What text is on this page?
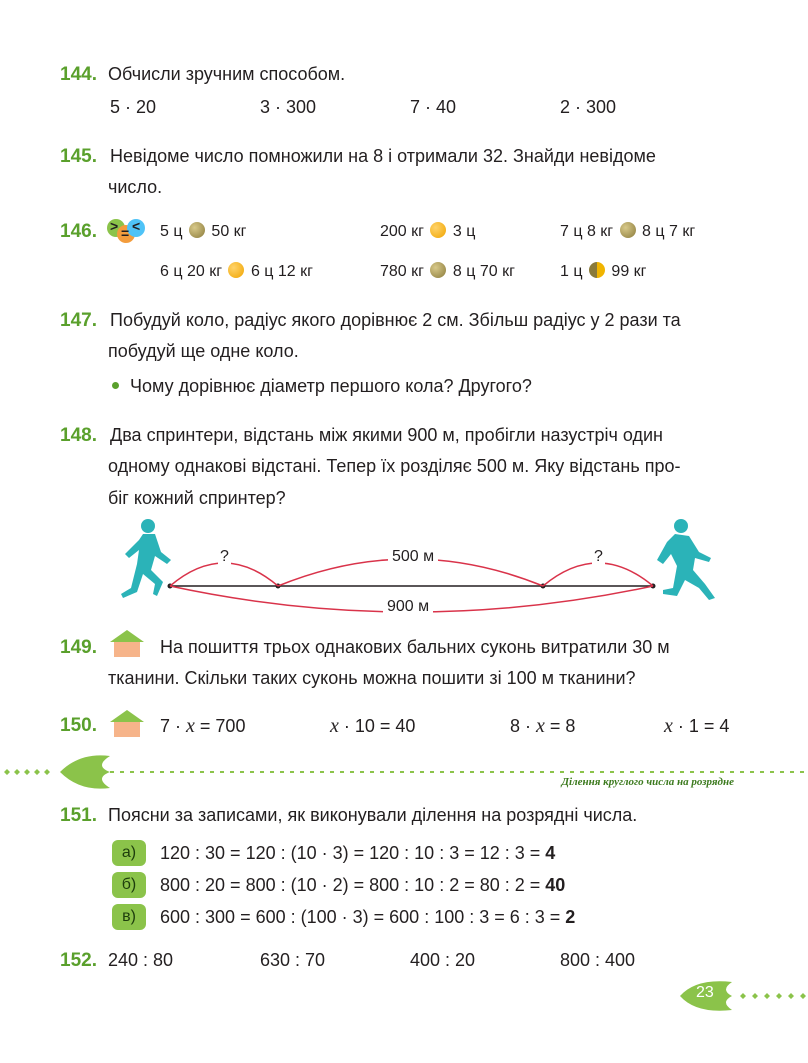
144. Обчисли зручним способом.
5 · 20	3 · 300	7 · 40	2 · 300
145. Невідоме число помножили на 8 і отримали 32. Знайди невідоме
число.
146. > = < 5 ц 50 кг	200 кг 3 ц	7 ц 8 кг 8 ц 7 кг
6 ц 20 кг 6 ц 12 кг	780 кг 8 ц 70 кг	1 ц 99 кг
147. Побудуй коло, радіус якого дорівнює 2 см. Збільш радіус у 2 рази та
побудуй ще одне коло.
Чому дорівнює діаметр першого кола? Другого?
148. Два спринтери, відстань між якими 900 м, пробігли назустріч один
одному однакові відстані. Тепер їх розділяє 500 м. Яку відстань про-
біг кожний спринтер?
?	500 м	?
900 м
149.	На пошиття трьох однакових бальних суконь витратили 30 м
тканини. Скільки таких суконь можна пошити зі 100 м тканини?
150.	7 · x = 700	x · 10 = 40	8 · x = 8	x · 1 = 4
Ділення круглого числа на розрядне
151. Поясни за записами, як виконували ділення на розрядні числа.
а)	120 : 30 = 120 : (10 · 3) = 120 : 10 : 3 = 12 : 3 = 4
б)	800 : 20 = 800 : (10 · 2) = 800 : 10 : 2 = 80 : 2 = 40
в)	600 : 300 = 600 : (100 · 3) = 600 : 100 : 3 = 6 : 3 = 2
152. 240 : 80	630 : 70	400 : 20	800 : 400
23
